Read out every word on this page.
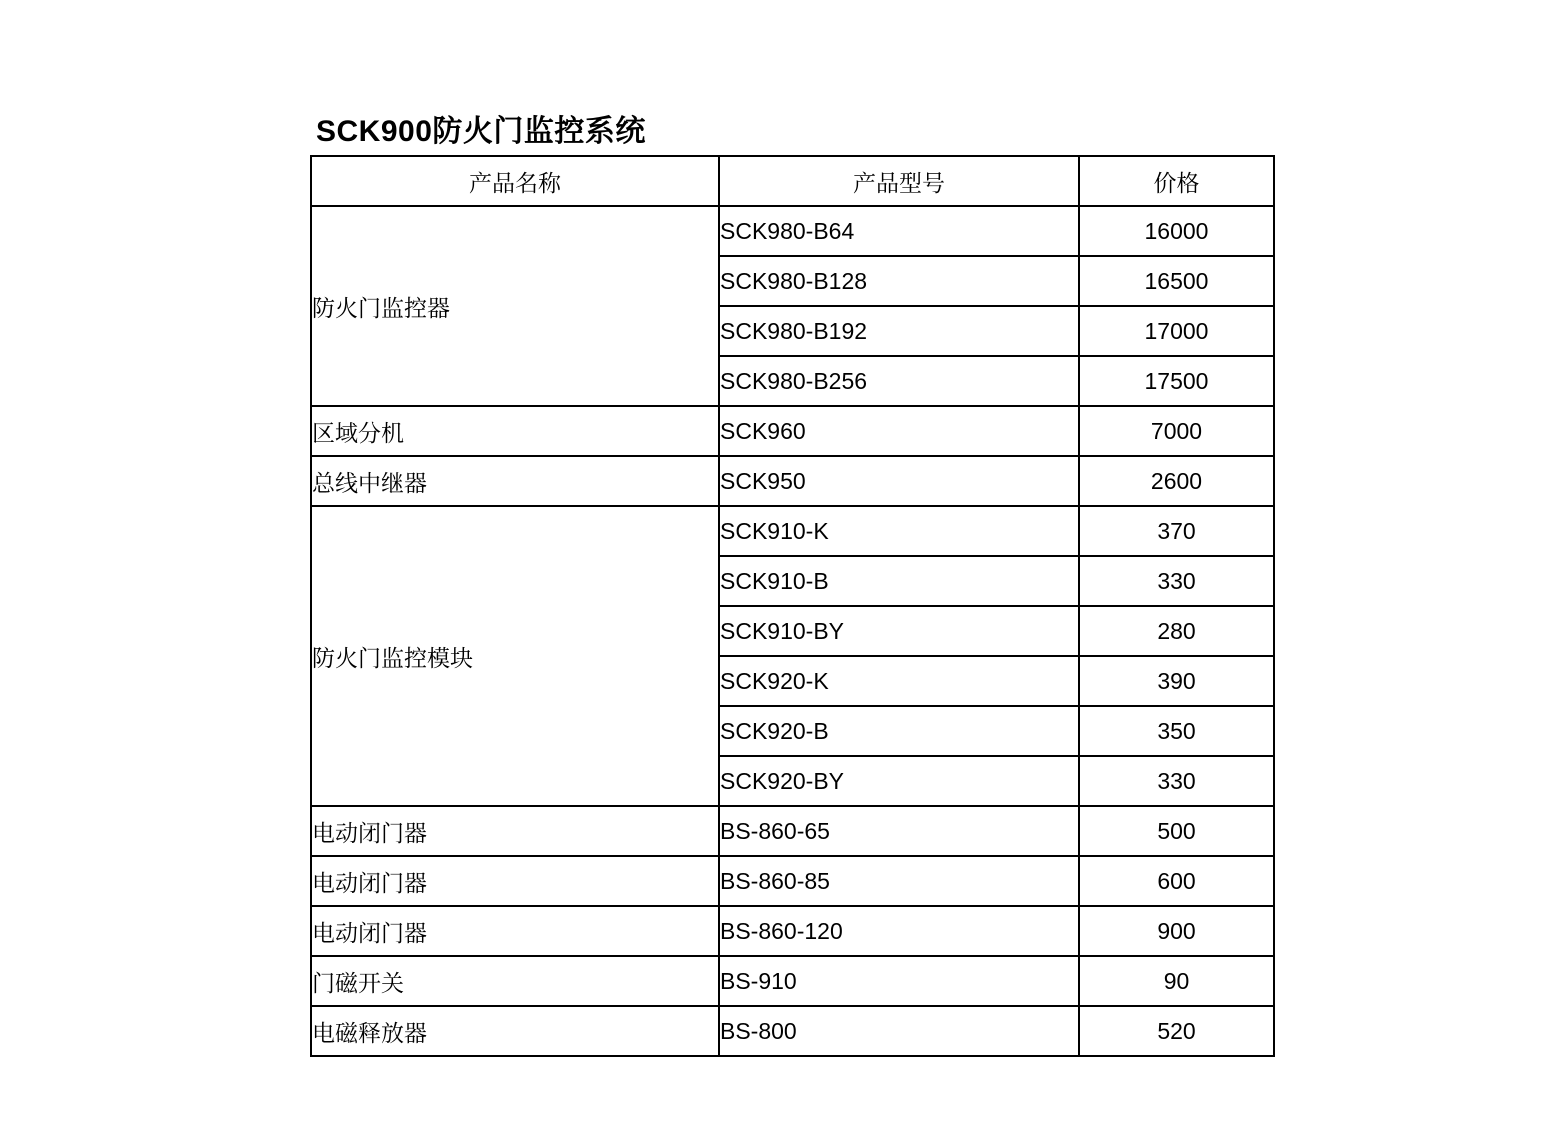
SCK900防火门监控系统
产品名称	产品型号	价格
防火门监控器	SCK980-B64	16000
	SCK980-B128	16500
	SCK980-B192	17000
	SCK980-B256	17500
区域分机	SCK960	7000
总线中继器	SCK950	2600
防火门监控模块	SCK910-K	370
	SCK910-B	330
	SCK910-BY	280
	SCK920-K	390
	SCK920-B	350
	SCK920-BY	330
电动闭门器	BS-860-65	500
电动闭门器	BS-860-85	600
电动闭门器	BS-860-120	900
门磁开关	BS-910	90
电磁释放器	BS-800	520
